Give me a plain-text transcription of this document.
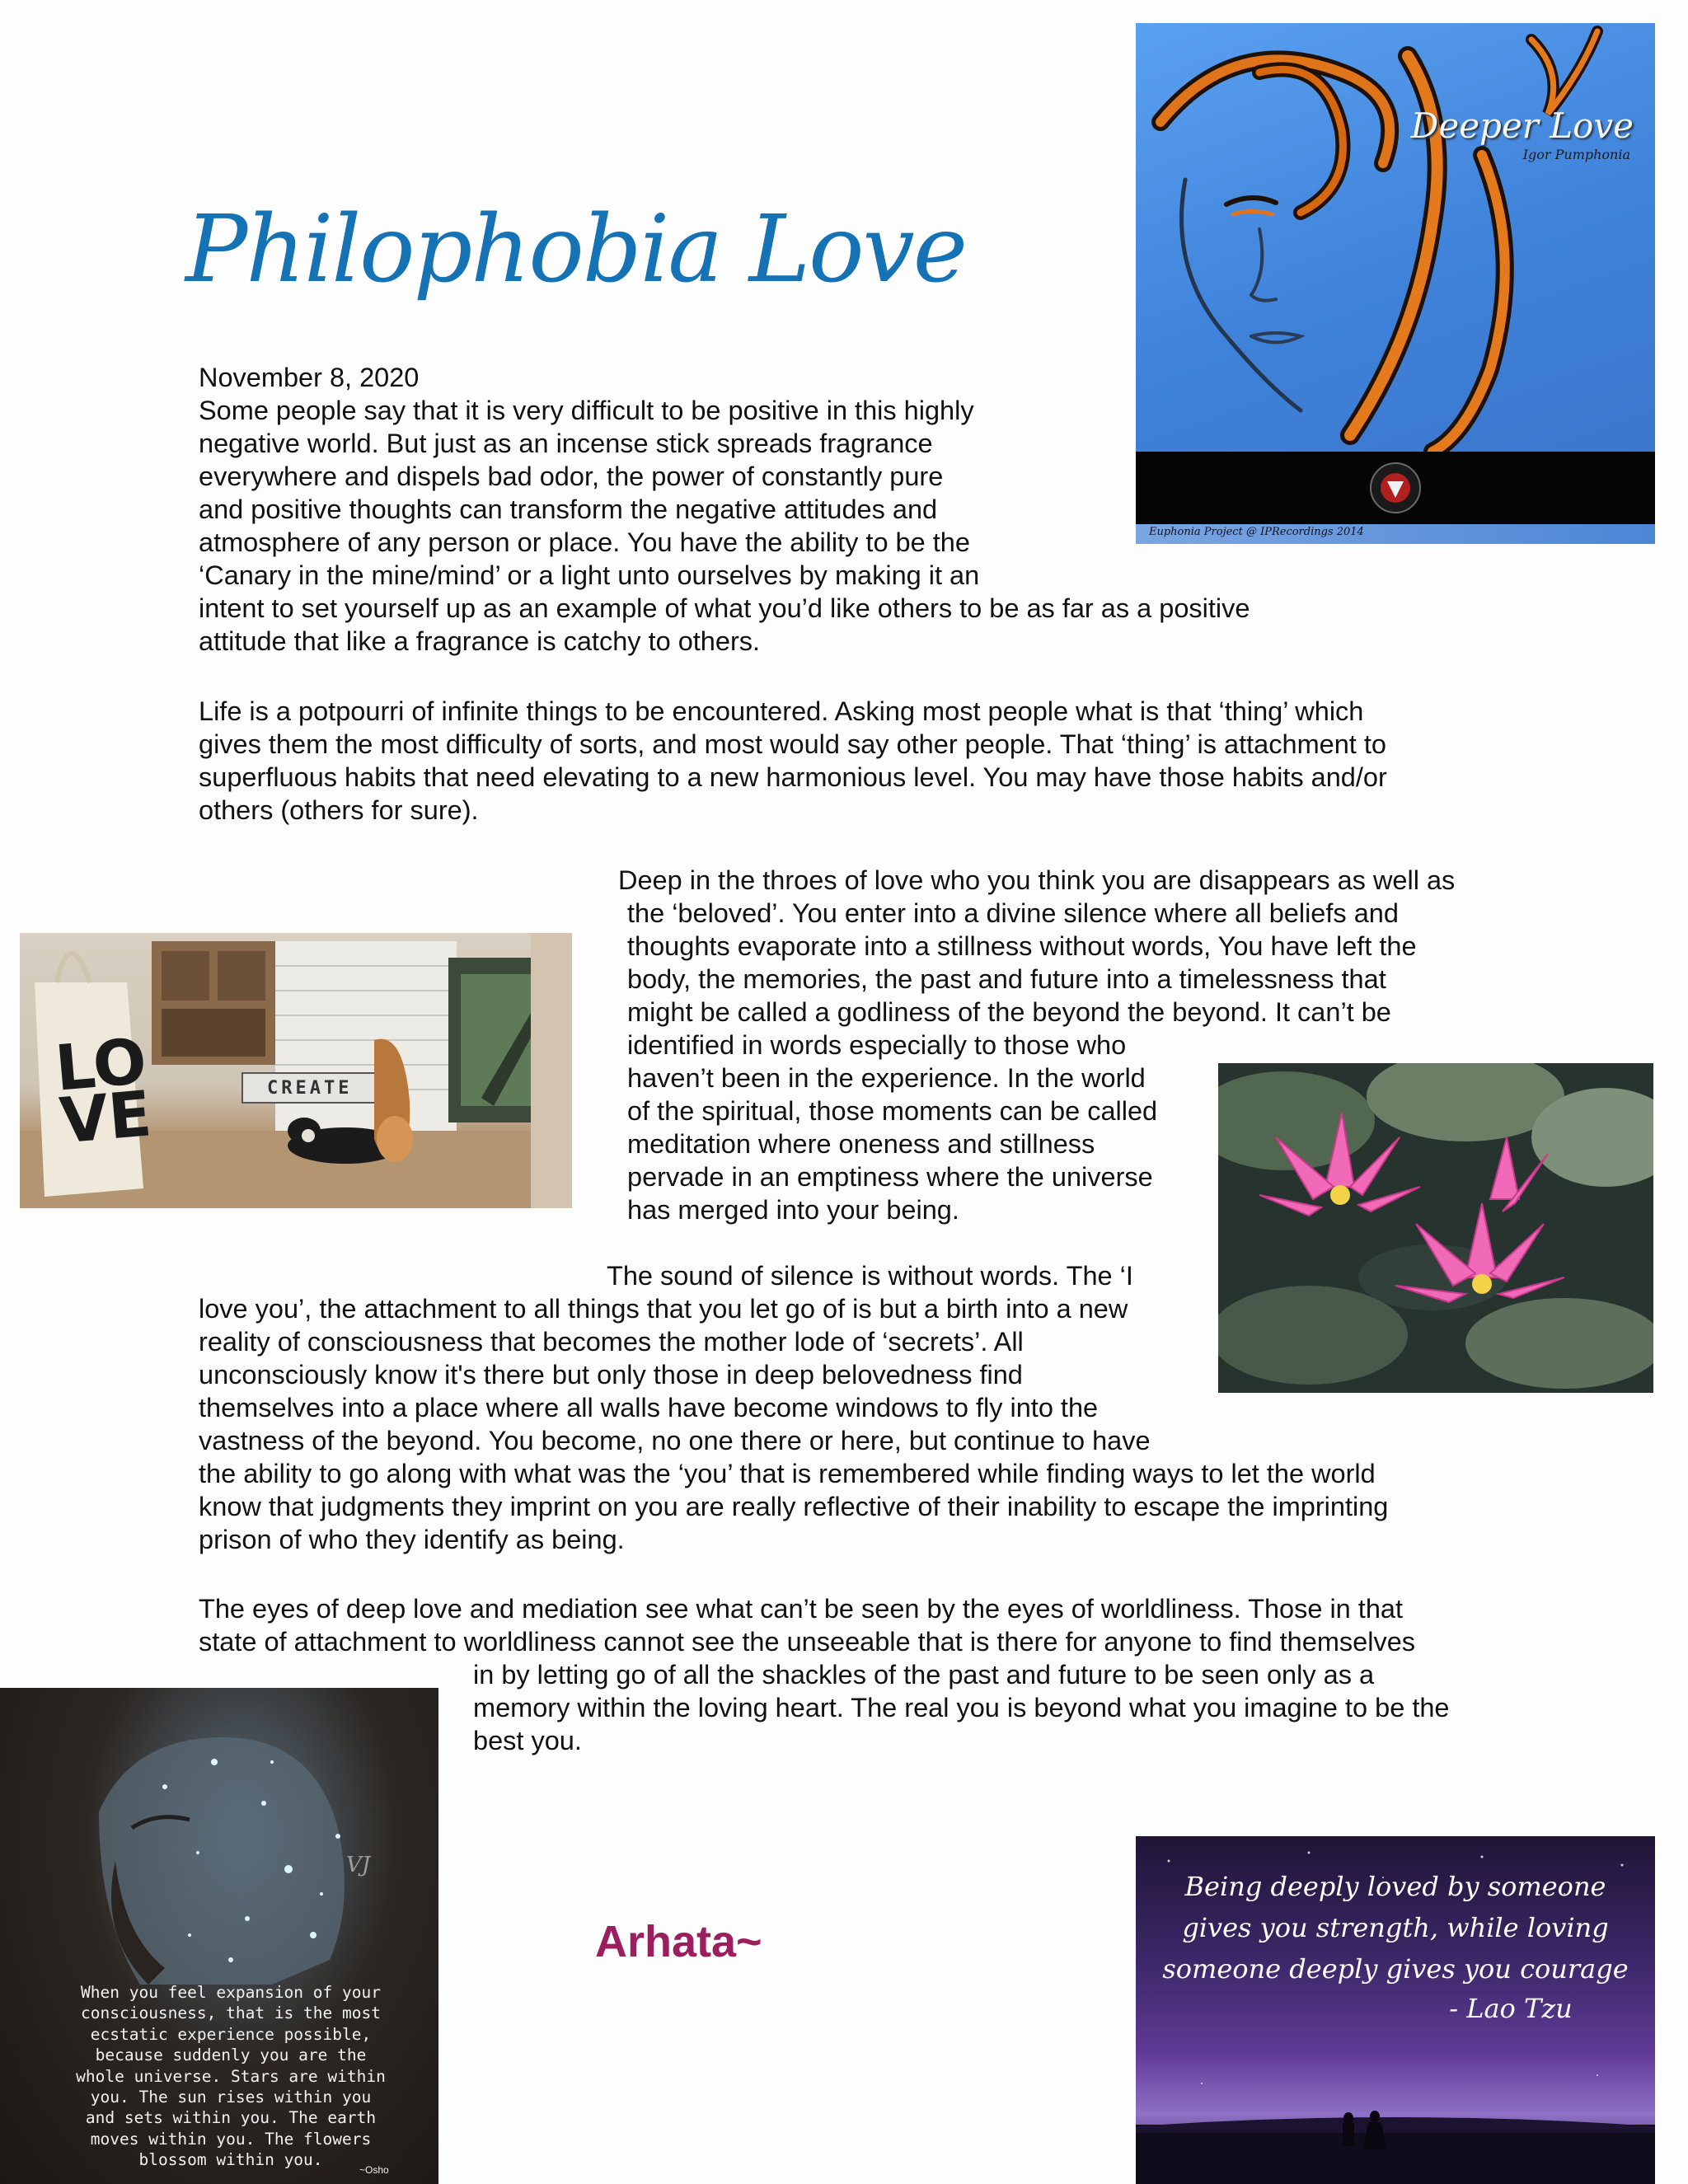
Philophobia Love
Deeper Love
Igor Pumphonia
Euphonia Project @ IPRecordings 2014
November 8, 2020
Some people say that it is very difficult to be positive in this highly
negative world. But just as an incense stick spreads fragrance
everywhere and dispels bad odor, the power of constantly pure
and positive thoughts can transform the negative attitudes and
atmosphere of any person or place. You have the ability to be the
‘Canary in the mine/mind’ or a light unto ourselves by making it an
intent to set yourself up as an example of what you’d like others to be as far as a positive
attitude that like a fragrance is catchy to others.
Life is a potpourri of infinite things to be encountered. Asking most people what is that ‘thing’ which
gives them the most difficulty of sorts, and most would say other people. That ‘thing’ is attachment to
superfluous habits that need elevating to a new harmonious level. You may have those habits and/or
others (others for sure).
LO
VE	CREATE
Deep in the throes of love who you think you are disappears as well as
the ‘beloved’. You enter into a divine silence where all beliefs and
thoughts evaporate into a stillness without words, You have left the
body, the memories, the past and future into a timelessness that
might be called a godliness of the beyond the beyond. It can’t be
identified in words especially to those who
haven’t been in the experience. In the world
of the spiritual, those moments can be called
meditation where oneness and stillness
pervade in an emptiness where the universe
has merged into your being.
The sound of silence is without words. The ‘I
love you’, the attachment to all things that you let go of is but a birth into a new
reality of consciousness that becomes the mother lode of ‘secrets’. All
unconsciously know it's there but only those in deep belovedness find
themselves into a place where all walls have become windows to fly into the
vastness of the beyond. You become, no one there or here, but continue to have
the ability to go along with what was the ‘you’ that is remembered while finding ways to let the world
know that judgments they imprint on you are really reflective of their inability to escape the imprinting
prison of who they identify as being.
The eyes of deep love and mediation see what can’t be seen by the eyes of worldliness. Those in that
state of attachment to worldliness cannot see the unseeable that is there for anyone to find themselves
in by letting go of all the shackles of the past and future to be seen only as a
memory within the loving heart. The real you is beyond what you imagine to be the
best you.
VJ
When you feel expansion of your
consciousness, that is the most
ecstatic experience possible,
because suddenly you are the
whole universe. Stars are within
you. The sun rises within you
and sets within you. The earth
moves within you. The flowers
blossom within you.
~Osho
Arhata~
Being deeply loved by someone
gives you strength, while loving
someone deeply gives you courage
- Lao Tzu
